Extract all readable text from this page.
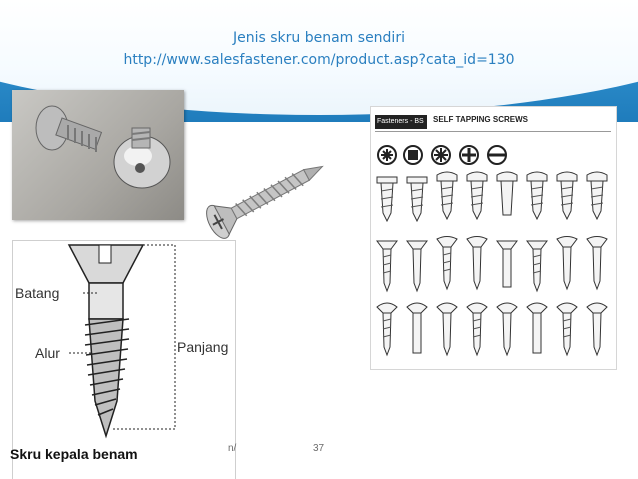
Jenis skru benam sendiri
http://www.salesfastener.com/product.asp?cata_id=130
Fasteners - BS	SELF TAPPING SCREWS
Batang
Alur	Panjang
Skru kepala benam	n/	37
